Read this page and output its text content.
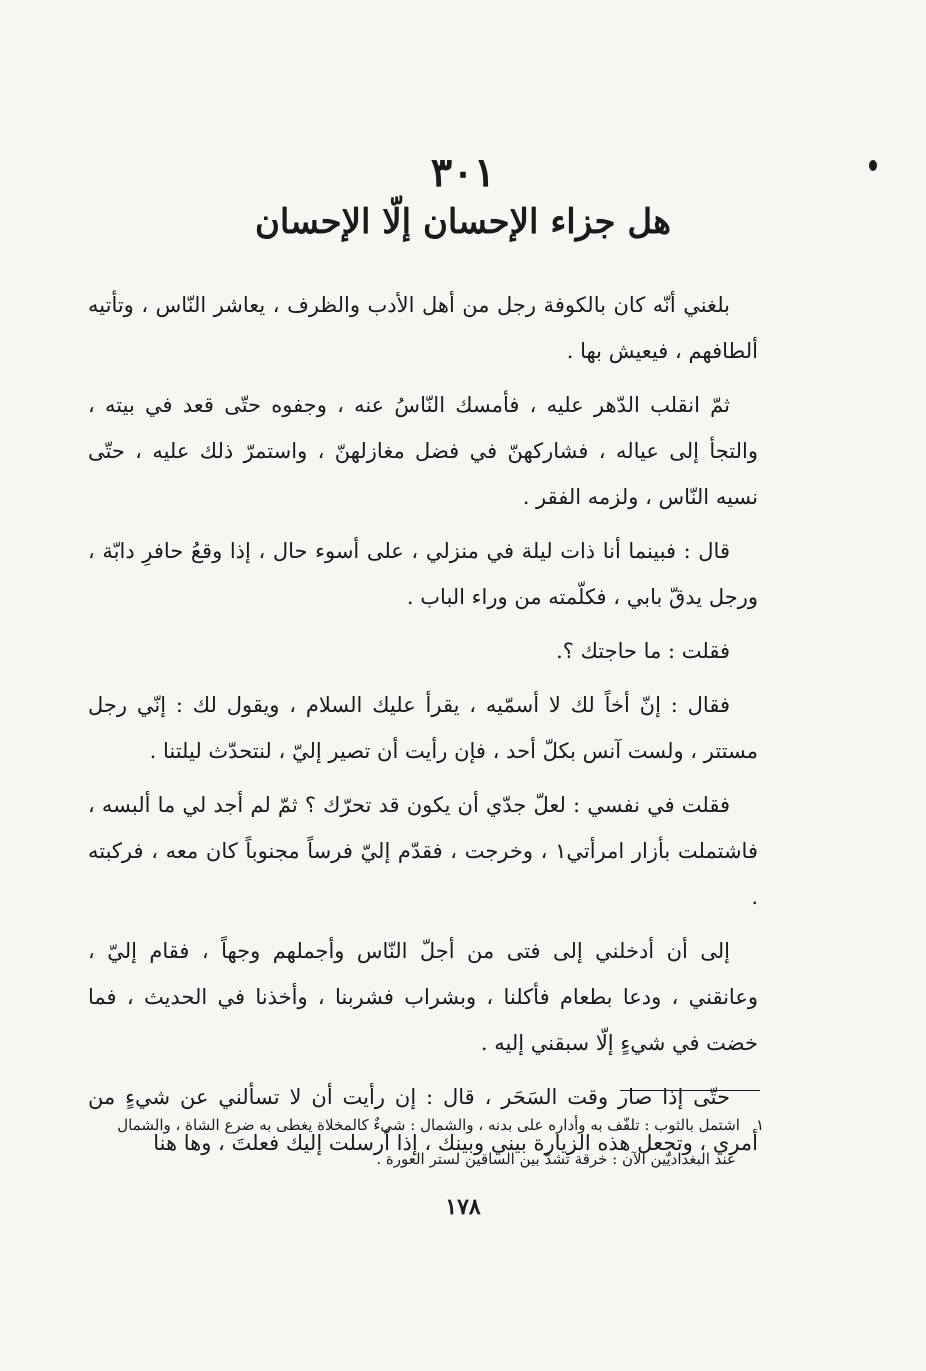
٣٠١
هل جزاء الإحسان إلّا الإحسان

بلغني أنّه كان بالكوفة رجل من أهل الأدب والظرف ، يعاشر النّاس ، وتأتيه ألطافهم ، فيعيش بها .

ثمّ انقلب الدّهر عليه ، فأمسك النّاسُ عنه ، وجفوه حتّى قعد في بيته ، والتجأ إلى عياله ، فشاركهنّ في فضل مغازلهنّ ، واستمرّ ذلك عليه ، حتّى نسيه النّاس ، ولزمه الفقر .

قال : فبينما أنا ذات ليلة في منزلي ، على أسوء حال ، إذا وقعُ حافرِ دابّة ، ورجل يدقّ بابي ، فكلّمته من وراء الباب .

فقلت : ما حاجتك ؟.

فقال : إنّ أخاً لك لا أسمّيه ، يقرأ عليك السلام ، ويقول لك : إنّي رجل مستتر ، ولست آنس بكلّ أحد ، فإن رأيت أن تصير إليّ ، لنتحدّث ليلتنا .

فقلت في نفسي : لعلّ جدّي أن يكون قد تحرّك ؟ ثمّ لم أجد لي ما ألبسه ، فاشتملت بأزار امرأتي١ ، وخرجت ، فقدّم إليّ فرساً مجنوباً كان معه ، فركبته .

إلى أن أدخلني إلى فتى من أجلّ النّاس وأجملهم وجهاً ، فقام إليّ ، وعانقني ، ودعا بطعام فأكلنا ، وبشراب فشربنا ، وأخذنا في الحديث ، فما خضت في شيءٍ إلّا سبقني إليه .

حتّى إذا صار وقت السَحَر ، قال : إن رأيت أن لا تسألني عن شيءٍ من أمري ، وتجعل هذه الزيارة بيني وبينك ، إذا أرسلت إليك فعلتَ ، وها هنا

١اشتمل بالثوب : تلفّف به وأداره على بدنه ، والشمال : شيءٌ كالمخلاة يغطى به ضرع الشاة ، والشمال
عند البغداديّين الآن : خرقة تشدّ بين الساقين لستر العورة .
١٧٨
